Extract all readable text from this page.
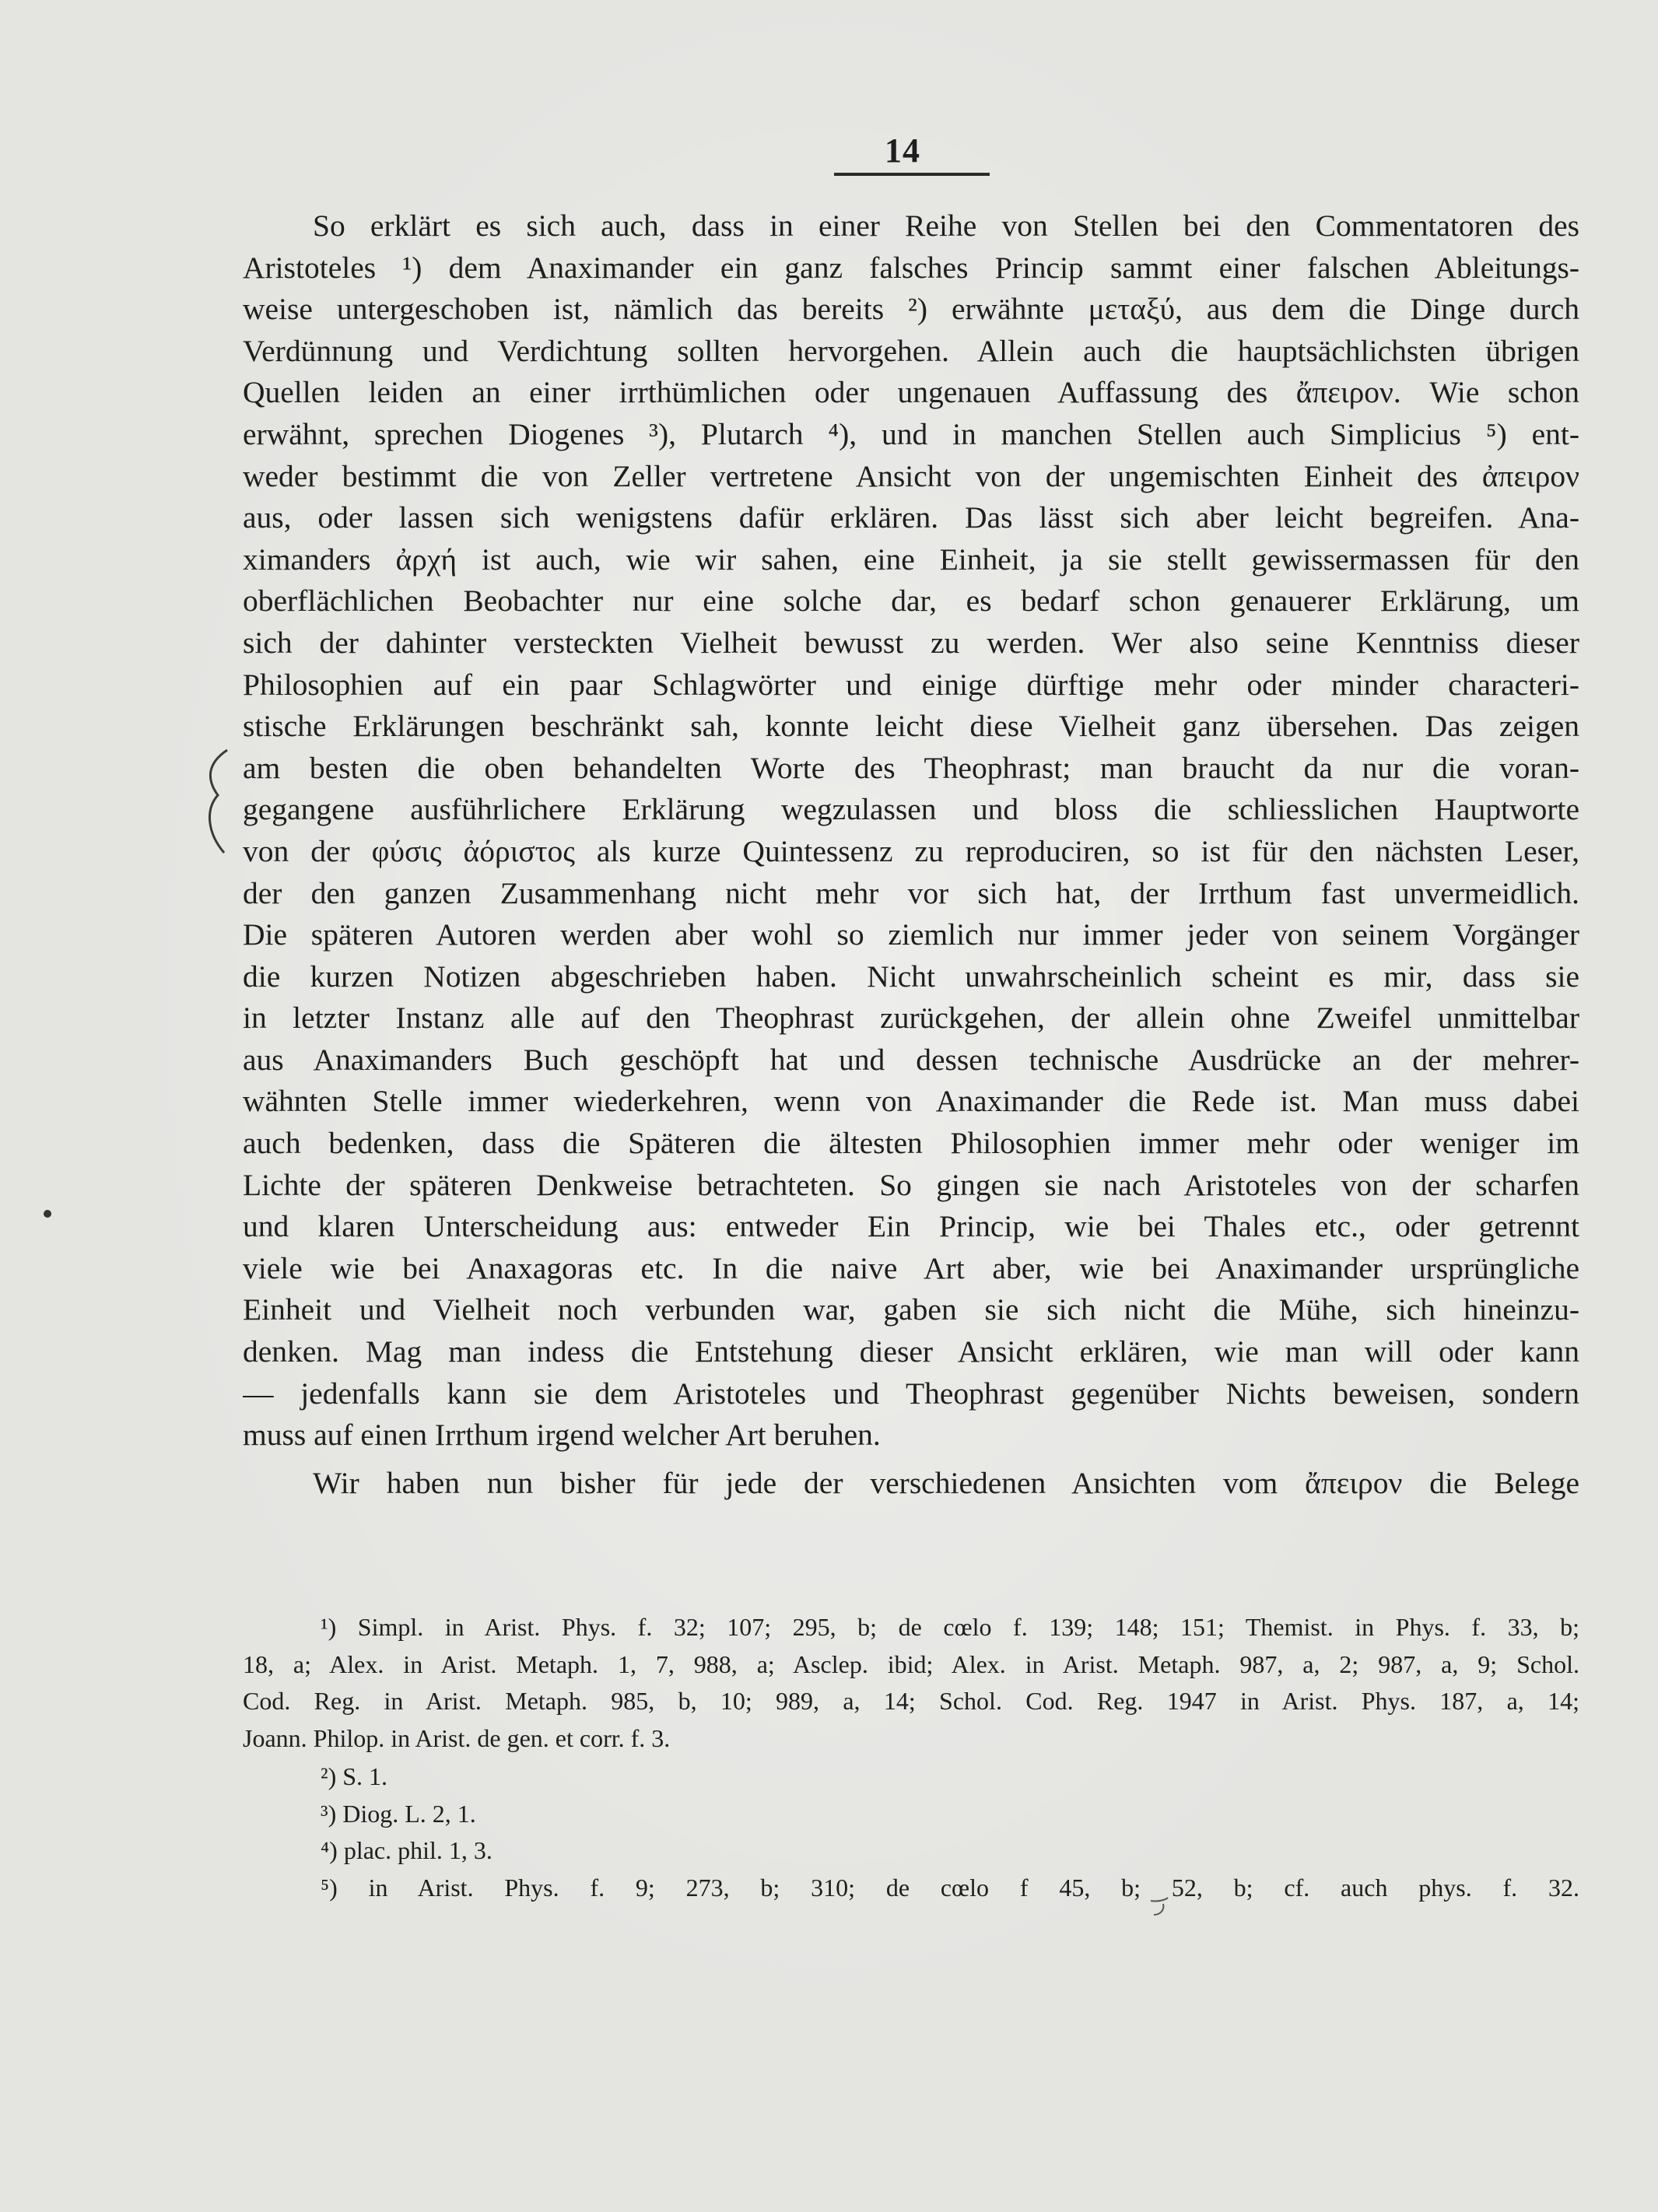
14
So erklärt es sich auch, dass in einer Reihe von Stellen bei den Commentatoren des
Aristoteles ¹) dem Anaximander ein ganz falsches Princip sammt einer falschen Ableitungs-
weise untergeschoben ist, nämlich das bereits ²) erwähnte μεταξύ, aus dem die Dinge durch
Verdünnung und Verdichtung sollten hervorgehen. Allein auch die hauptsächlichsten übrigen
Quellen leiden an einer irrthümlichen oder ungenauen Auffassung des ἄπειρον. Wie schon
erwähnt, sprechen Diogenes ³), Plutarch ⁴), und in manchen Stellen auch Simplicius ⁵) ent-
weder bestimmt die von Zeller vertretene Ansicht von der ungemischten Einheit des ἀπειρον
aus, oder lassen sich wenigstens dafür erklären. Das lässt sich aber leicht begreifen. Ana-
ximanders ἀρχή ist auch, wie wir sahen, eine Einheit, ja sie stellt gewissermassen für den
oberflächlichen Beobachter nur eine solche dar, es bedarf schon genauerer Erklärung, um
sich der dahinter versteckten Vielheit bewusst zu werden. Wer also seine Kenntniss dieser
Philosophien auf ein paar Schlagwörter und einige dürftige mehr oder minder characteri-
stische Erklärungen beschränkt sah, konnte leicht diese Vielheit ganz übersehen. Das zeigen
am besten die oben behandelten Worte des Theophrast; man braucht da nur die voran-
gegangene ausführlichere Erklärung wegzulassen und bloss die schliesslichen Hauptworte
von der φύσις ἀόριστος als kurze Quintessenz zu reproduciren, so ist für den nächsten Leser,
der den ganzen Zusammenhang nicht mehr vor sich hat, der Irrthum fast unvermeidlich.
Die späteren Autoren werden aber wohl so ziemlich nur immer jeder von seinem Vorgänger
die kurzen Notizen abgeschrieben haben. Nicht unwahrscheinlich scheint es mir, dass sie
in letzter Instanz alle auf den Theophrast zurückgehen, der allein ohne Zweifel unmittelbar
aus Anaximanders Buch geschöpft hat und dessen technische Ausdrücke an der mehrer-
wähnten Stelle immer wiederkehren, wenn von Anaximander die Rede ist. Man muss dabei
auch bedenken, dass die Späteren die ältesten Philosophien immer mehr oder weniger im
Lichte der späteren Denkweise betrachteten. So gingen sie nach Aristoteles von der scharfen
und klaren Unterscheidung aus: entweder Ein Princip, wie bei Thales etc., oder getrennt
viele wie bei Anaxagoras etc. In die naive Art aber, wie bei Anaximander ursprüngliche
Einheit und Vielheit noch verbunden war, gaben sie sich nicht die Mühe, sich hineinzu-
denken. Mag man indess die Entstehung dieser Ansicht erklären, wie man will oder kann
— jedenfalls kann sie dem Aristoteles und Theophrast gegenüber Nichts beweisen, sondern
muss auf einen Irrthum irgend welcher Art beruhen.
Wir haben nun bisher für jede der verschiedenen Ansichten vom ἄπειρον die Belege
¹) Simpl. in Arist. Phys. f. 32; 107; 295, b; de cœlo f. 139; 148; 151; Themist. in Phys. f. 33, b;
18, a; Alex. in Arist. Metaph. 1, 7, 988, a; Asclep. ibid; Alex. in Arist. Metaph. 987, a, 2; 987, a, 9; Schol.
Cod. Reg. in Arist. Metaph. 985, b, 10; 989, a, 14; Schol. Cod. Reg. 1947 in Arist. Phys. 187, a, 14;
Joann. Philop. in Arist. de gen. et corr. f. 3.
²) S. 1.
³) Diog. L. 2, 1.
⁴) plac. phil. 1, 3.
⁵) in Arist. Phys. f. 9; 273, b; 310; de cœlo f 45, b; 52, b; cf. auch phys. f. 32.
